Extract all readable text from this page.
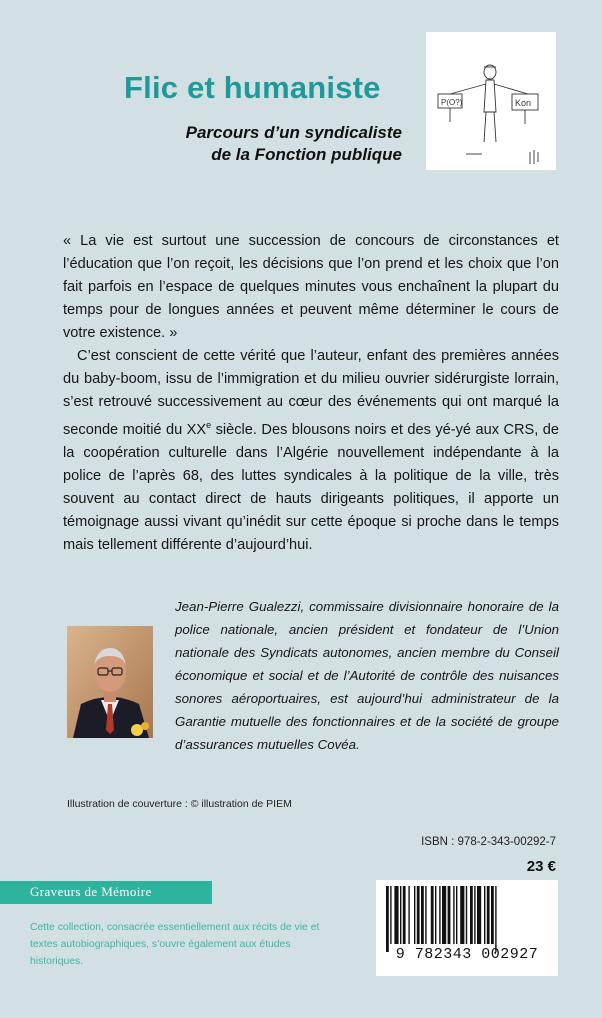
Flic et humaniste
Parcours d’un syndicaliste
de la Fonction publique
P(O?)	Kon

« La vie est surtout une succession de concours de circonstances et l’éducation que l’on reçoit, les décisions que l’on prend et les choix que l’on fait parfois en l’espace de quelques minutes vous enchaînent la plupart du temps pour de longues années et peuvent même déterminer le cours de votre existence. »

C’est conscient de cette vérité que l’auteur, enfant des premières années du baby-boom, issu de l’immigration et du milieu ouvrier sidérurgiste lorrain, s’est retrouvé successivement au cœur des événements qui ont marqué la seconde moitié du XXe siècle. Des blousons noirs et des yé-yé aux CRS, de la coopération culturelle dans l’Algérie nouvellement indépendante à la police de l’après 68, des luttes syndicales à la politique de la ville, très souvent au contact direct de hauts dirigeants politiques, il apporte un témoignage aussi vivant qu’inédit sur cette époque si proche dans le temps mais tellement différente d’aujourd’hui.

Jean-Pierre Gualezzi, commissaire divisionnaire honoraire de la police nationale, ancien président et fondateur de l’Union nationale des Syndicats autonomes, ancien membre du Conseil économique et social et de l’Autorité de contrôle des nuisances sonores aéroportuaires, est aujourd’hui administrateur de la Garantie mutuelle des fonctionnaires et de la société de groupe d’assurances mutuelles Covéa.
Illustration de couverture : © illustration de PIEM
ISBN : 978-2-343-00292-7
23 €
Graveurs de Mémoire
Cette collection, consacrée essentiellement aux récits de vie et textes autobiographiques, s’ouvre également aux études historiques.	9 782343 002927
